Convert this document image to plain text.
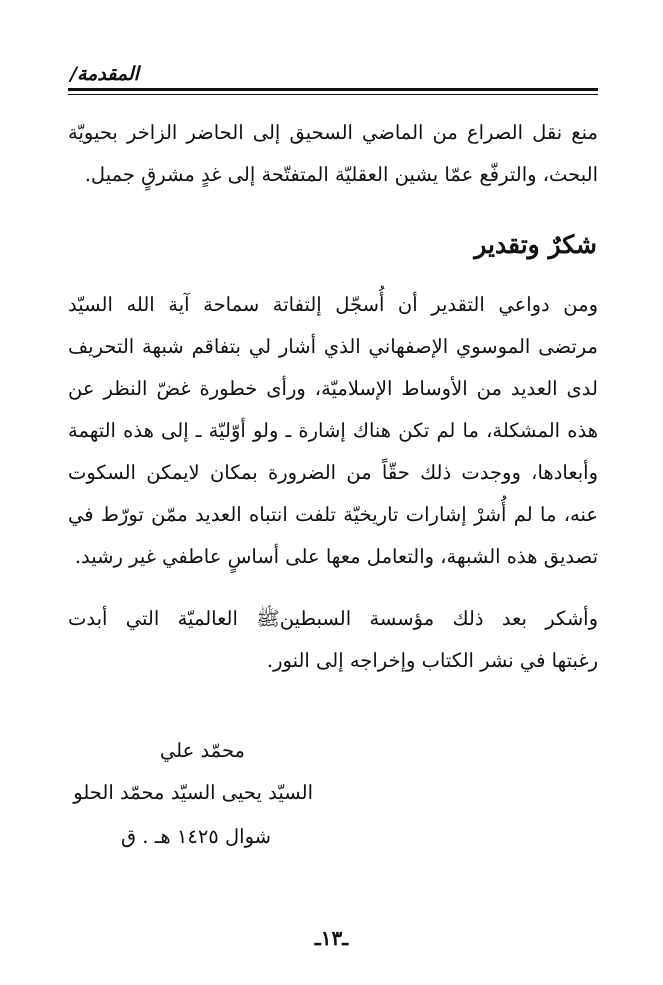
المقدمة/
منع نقل الصراع من الماضي السحيق إلى الحاضر الزاخر بحيويّة
البحث، والترفّع عمّا يشين العقليّة المتفتّحة إلى غدٍ مشرقٍ جميل.
شكرٌ وتقدير
ومن دواعي التقدير أن أُسجّل إلتفاتة سماحة آية الله السيّد
مرتضى الموسوي الإصفهاني الذي أشار لي بتفاقم شبهة التحريف
لدى العديد من الأوساط الإسلاميّة، ورأى خطورة غضّ النظر عن
هذه المشكلة، ما لم تكن هناك إشارة ـ ولو أوّليّة ـ إلى هذه التهمة
وأبعادها، ووجدت ذلك حقّاً من الضرورة بمكان لايمكن السكوت
عنه، ما لم أُشرْ إشارات تاريخيّة تلفت انتباه العديد ممّن تورّط في
تصديق هذه الشبهة، والتعامل معها على أساسٍ عاطفي غير رشيد.
وأشكر بعد ذلك مؤسسة السبطين‌ﷺ العالميّة التي أبدت
رغبتها في نشر الكتاب وإخراجه إلى النور.
محمّد علي
السيّد يحيى السيّد محمّد الحلو
شوال ١٤٢٥ هـ . ق
ـ١٣ـ
